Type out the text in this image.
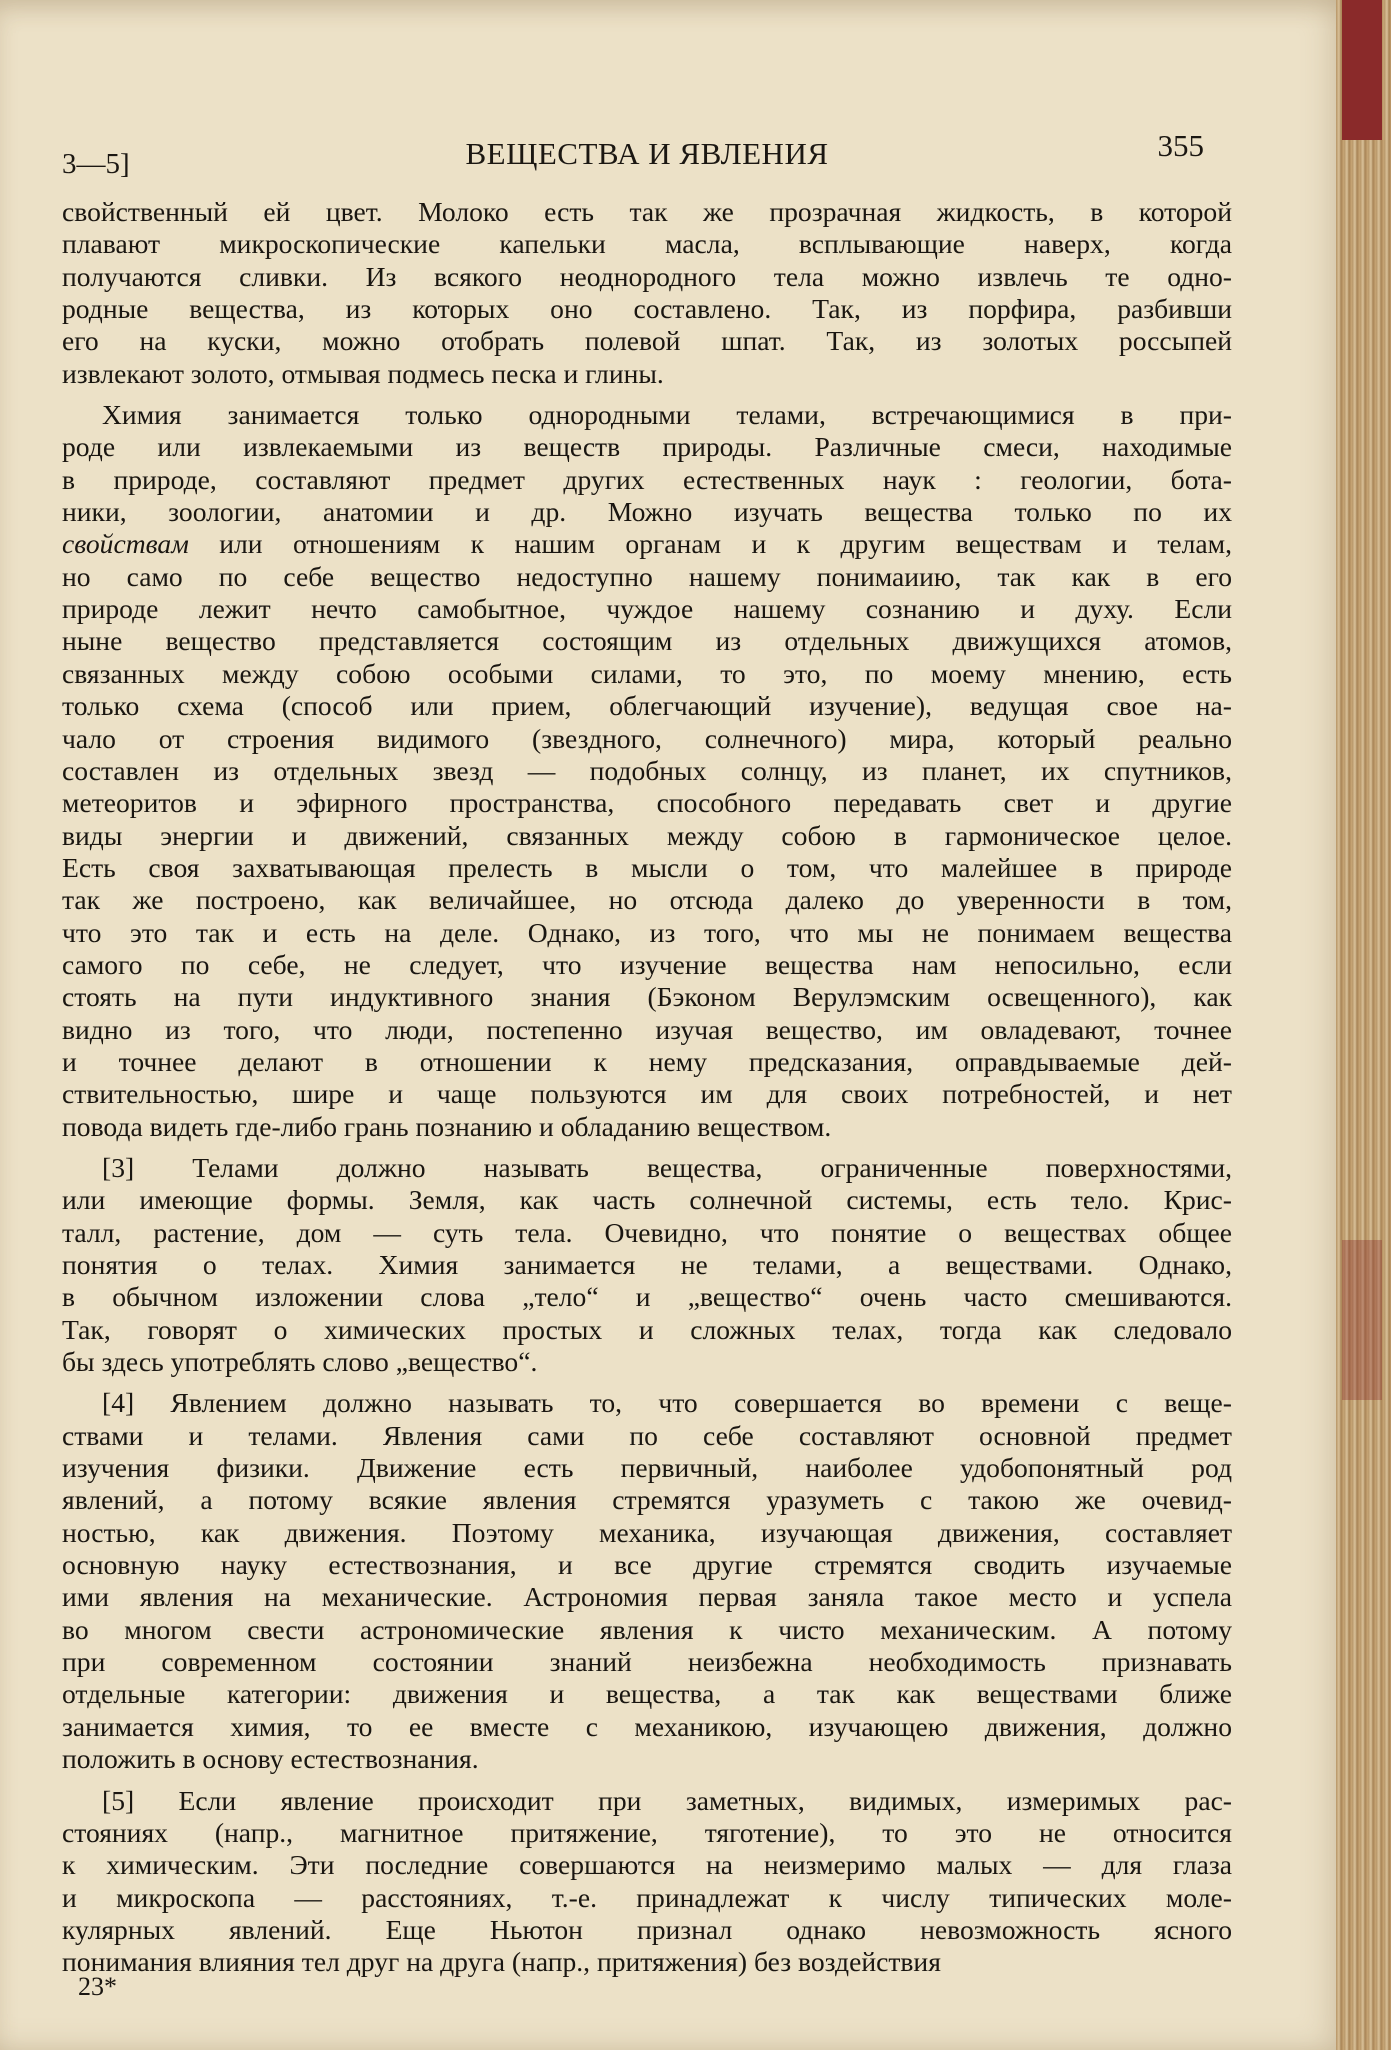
3—5]	ВЕЩЕСТВА И ЯВЛЕНИЯ	355

свойственный ей цвет. Молоко есть так же прозрачная жидкость, в которой
плавают микроскопические капельки масла, всплывающие наверх, когда
получаются сливки. Из всякого неоднородного тела можно извлечь те одно-
родные вещества, из которых оно составлено. Так, из порфира, разбивши
его на куски, можно отобрать полевой шпат. Так, из золотых россыпей
извлекают золото, отмывая подмесь песка и глины.

Химия занимается только однородными телами, встречающимися в при-
роде или извлекаемыми из веществ природы. Различные смеси, находимые
в природе, составляют предмет других естественных наук : геологии, бота-
ники, зоологии, анатомии и др. Можно изучать вещества только по их
свойствам или отношениям к нашим органам и к другим веществам и телам,
но само по себе вещество недоступно нашему понимаиию, так как в его
природе лежит нечто самобытное, чуждое нашему сознанию и духу. Если
ныне вещество представляется состоящим из отдельных движущихся атомов,
связанных между собою особыми силами, то это, по моему мнению, есть
только схема (способ или прием, облегчающий изучение), ведущая свое на-
чало от строения видимого (звездного, солнечного) мира, который реально
составлен из отдельных звезд — подобных солнцу, из планет, их спутников,
метеоритов и эфирного пространства, способного передавать свет и другие
виды энергии и движений, связанных между собою в гармоническое целое.
Есть своя захватывающая прелесть в мысли о том, что малейшее в природе
так же построено, как величайшее, но отсюда далеко до уверенности в том,
что это так и есть на деле. Однако, из того, что мы не понимаем вещества
самого по себе, не следует, что изучение вещества нам непосильно, если
стоять на пути индуктивного знания (Бэконом Верулэмским освещенного), как
видно из того, что люди, постепенно изучая вещество, им овладевают, точнее
и точнее делают в отношении к нему предсказания, оправдываемые дей-
ствительностью, шире и чаще пользуются им для своих потребностей, и нет
повода видеть где-либо грань познанию и обладанию веществом.

[3] Телами должно называть вещества, ограниченные поверхностями,
или имеющие формы. Земля, как часть солнечной системы, есть тело. Крис-
талл, растение, дом — суть тела. Очевидно, что понятие о веществах общее
понятия о телах. Химия занимается не телами, а веществами. Однако,
в обычном изложении слова „тело“ и „вещество“ очень часто смешиваются.
Так, говорят о химических простых и сложных телах, тогда как следовало
бы здесь употреблять слово „вещество“.

[4] Явлением должно называть то, что совершается во времени с веще-
ствами и телами. Явления сами по себе составляют основной предмет
изучения физики. Движение есть первичный, наиболее удобопонятный род
явлений, а потому всякие явления стремятся уразуметь с такою же очевид-
ностью, как движения. Поэтому механика, изучающая движения, составляет
основную науку естествознания, и все другие стремятся сводить изучаемые
ими явления на механические. Астрономия первая заняла такое место и успела
во многом свести астрономические явления к чисто механическим. А потому
при современном состоянии знаний неизбежна необходимость признавать
отдельные категории: движения и вещества, а так как веществами ближе
занимается химия, то ее вместе с механикою, изучающею движения, должно
положить в основу естествознания.

[5] Если явление происходит при заметных, видимых, измеримых рас-
стояниях (напр., магнитное притяжение, тяготение), то это не относится
к химическим. Эти последние совершаются на неизмеримо малых — для глаза
и микроскопа — расстояниях, т.-е. принадлежат к числу типических моле-
кулярных явлений. Еще Ньютон признал однако невозможность ясного
понимания влияния тел друг на друга (напр., притяжения) без воздействия

23*
